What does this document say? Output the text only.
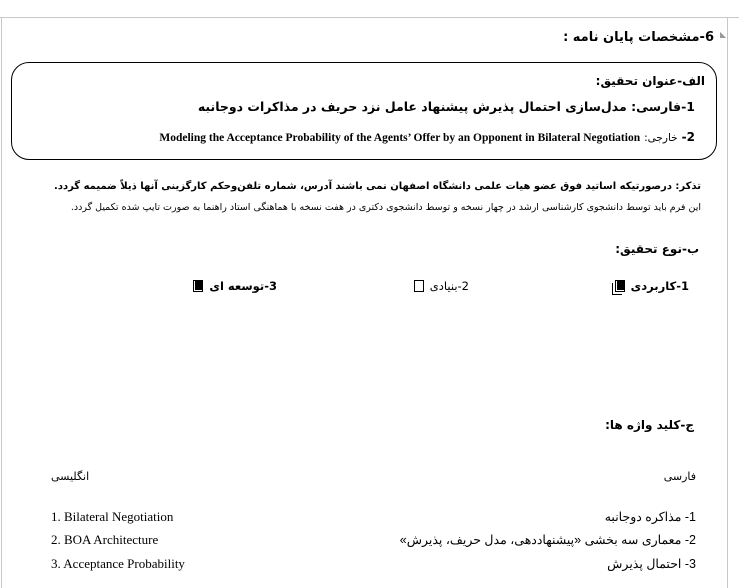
◣
6-مشخصات پایان نامه :
الف-عنوان تحقیق:
1-فارسی: مدل‌سازی احتمال پذیرش پیشنهاد عامل نزد حریف در مذاکرات دوجانبه
2-
خارجی:
Modeling the Acceptance Probability of the Agents’ Offer by an Opponent in Bilateral Negotiation
تذکر: درصورتیکه اساتید فوق عضو هیات علمی دانشگاه اصفهان نمی باشند آدرس، شماره تلفن‌وحکم کارگزینی آنها ذیلاً ضمیمه گردد.
این فرم باید توسط دانشجوی کارشناسی ارشد در چهار نسخه و توسط دانشجوی دکتری در هفت نسخه با هماهنگی استاد راهنما به صورت تایپ شده تکمیل گردد.
ب-نوع تحقیق:
1-کاربردی
2-بنیادی
3-توسعه ای
ج-کلید واژه ها:
فارسی
انگلیسی
1- مذاکره دوجانبه
2- معماری سه بخشی «پیشنهاددهی، مدل حریف، پذیرش»
3- احتمال پذیرش
1. Bilateral Negotiation
2. BOA Architecture
3. Acceptance Probability
